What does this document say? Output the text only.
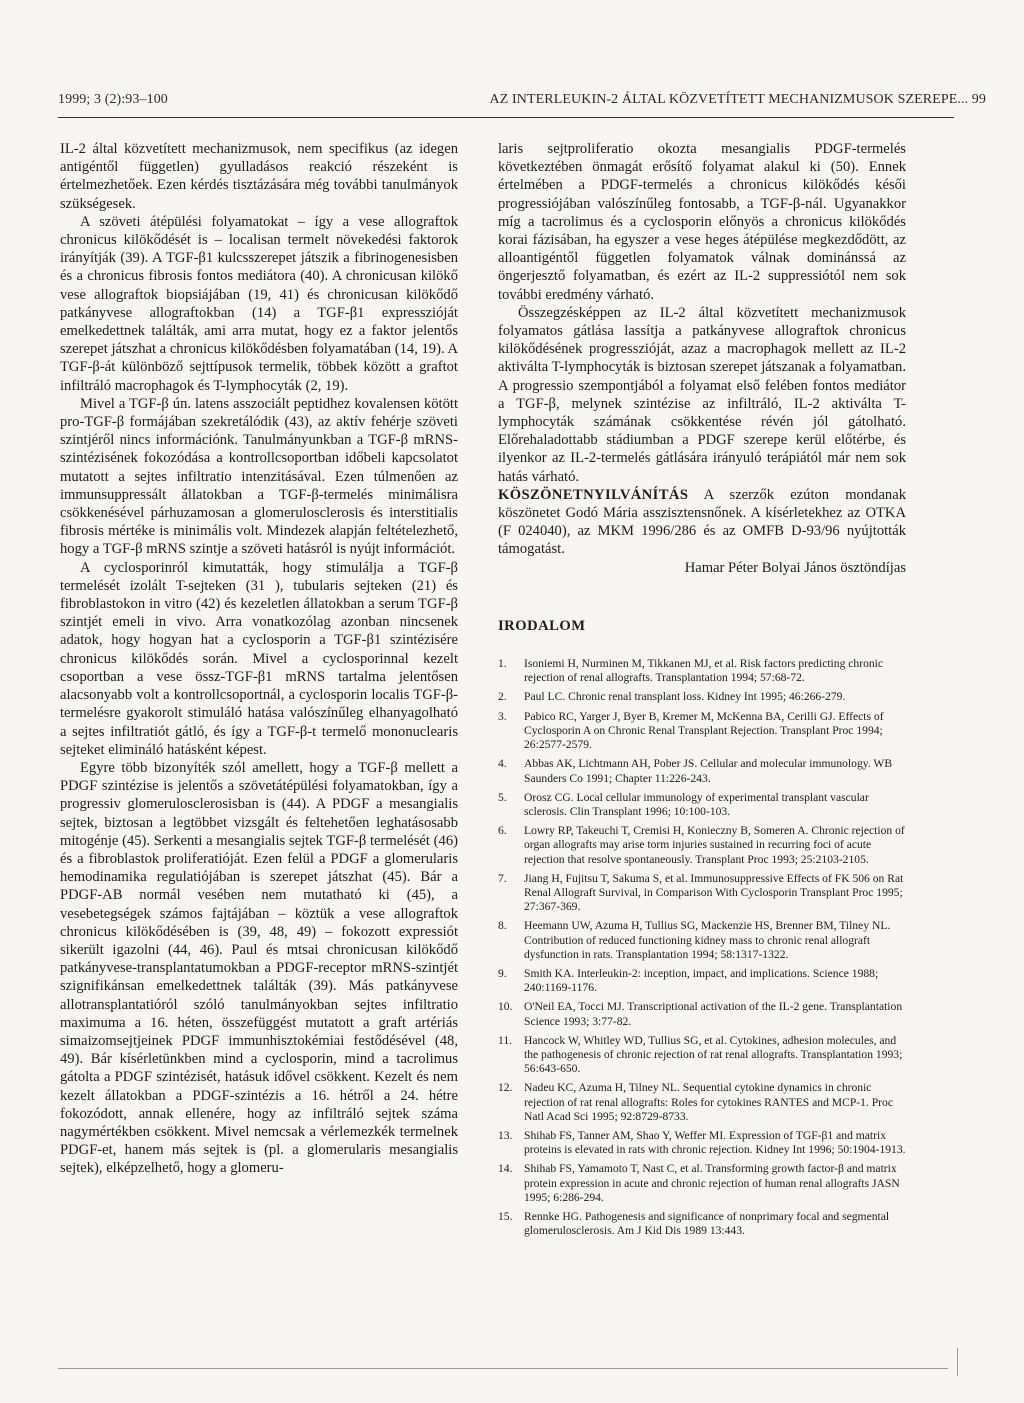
1999; 3 (2):93–100	AZ INTERLEUKIN-2 ÁLTAL KÖZVETÍTETT MECHANIZMUSOK SZEREPE... 99

IL-2 által közvetített mechanizmusok, nem specifikus (az idegen antigéntől független) gyulladásos reakció részeként is értelmezhetőek. Ezen kérdés tisztázására még további tanulmányok szükségesek.

A szöveti átépülési folyamatokat – így a vese allograftok chronicus kilökődését is – localisan termelt növekedési faktorok irányítják (39). A TGF-β1 kulcsszerepet játszik a fibrinogenesisben és a chronicus fibrosis fontos mediátora (40). A chronicusan kilökő vese allograftok biopsiájában (19, 41) és chronicusan kilökődő patkányvese allograftokban (14) a TGF-β1 expresszióját emelkedettnek találták, ami arra mutat, hogy ez a faktor jelentős szerepet játszhat a chronicus kilökődésben folyamatában (14, 19). A TGF-β-át különböző sejttípusok termelik, többek között a graftot infiltráló macrophagok és T-lymphocyták (2, 19).

Mivel a TGF-β ún. latens asszociált peptidhez kovalensen kötött pro-TGF-β formájában szekretálódik (43), az aktív fehérje szöveti szintjéről nincs információnk. Tanulmányunkban a TGF-β mRNS-szintézisének fokozódása a kontrollcsoportban időbeli kapcsolatot mutatott a sejtes infiltratio intenzitásával. Ezen túlmenően az immunsuppressált állatokban a TGF-β-termelés minimálisra csökkenésével párhuzamosan a glomerulosclerosis és interstitialis fibrosis mértéke is minimális volt. Mindezek alapján feltételezhető, hogy a TGF-β mRNS szintje a szöveti hatásról is nyújt információt.

A cyclosporinról kimutatták, hogy stimulálja a TGF-β termelését izolált T-sejteken (31 ), tubularis sejteken (21) és fibroblastokon in vitro (42) és kezeletlen állatokban a serum TGF-β szintjét emeli in vivo. Arra vonatkozólag azonban nincsenek adatok, hogy hogyan hat a cyclosporin a TGF-β1 szintézisére chronicus kilökődés során. Mivel a cyclosporinnal kezelt csoportban a vese össz-TGF-β1 mRNS tartalma jelentősen alacsonyabb volt a kontrollcsoportnál, a cyclosporin localis TGF-β-termelésre gyakorolt stimuláló hatása valószínűleg elhanyagolható a sejtes infiltratiót gátló, és így a TGF-β-t termelő mononuclearis sejteket elimináló hatásként képest.

Egyre több bizonyíték szól amellett, hogy a TGF-β mellett a PDGF szintézise is jelentős a szövetátépülési folyamatokban, így a progressiv glomerulosclerosisban is (44). A PDGF a mesangialis sejtek, biztosan a legtöbbet vizsgált és feltehetően leghatásosabb mitogénje (45). Serkenti a mesangialis sejtek TGF-β termelését (46) és a fibroblastok proliferatióját. Ezen felül a PDGF a glomerularis hemodinamika regulatiójában is szerepet játszhat (45). Bár a PDGF-AB normál vesében nem mutatható ki (45), a vesebetegségek számos fajtájában – köztük a vese allograftok chronicus kilökődésében is (39, 48, 49) – fokozott expressiót sikerült igazolni (44, 46). Paul és mtsai chronicusan kilökődő patkányvese-transplantatumokban a PDGF-receptor mRNS-szintjét szignifikánsan emelkedettnek találták (39). Más patkányvese allotransplantatióról szóló tanulmányokban sejtes infiltratio maximuma a 16. héten, összefüggést mutatott a graft artériás simaizomsejtjeinek PDGF immunhisztokémiai festődésével (48, 49). Bár kísérletünkben mind a cyclosporin, mind a tacrolimus gátolta a PDGF szintézisét, hatásuk idővel csökkent. Kezelt és nem kezelt állatokban a PDGF-szintézis a 16. hétről a 24. hétre fokozódott, annak ellenére, hogy az infiltráló sejtek száma nagymértékben csökkent. Mivel nemcsak a vérlemezkék termelnek PDGF-et, hanem más sejtek is (pl. a glomerularis mesangialis sejtek), elképzelhető, hogy a glomeru-

laris sejtproliferatio okozta mesangialis PDGF-termelés következtében önmagát erősítő folyamat alakul ki (50). Ennek értelmében a PDGF-termelés a chronicus kilökődés késői progressiójában valószínűleg fontosabb, a TGF-β-nál. Ugyanakkor míg a tacrolimus és a cyclosporin előnyös a chronicus kilökődés korai fázisában, ha egyszer a vese heges átépülése megkezdődött, az alloantigéntől független folyamatok válnak dominánssá az öngerjesztő folyamatban, és ezért az IL-2 suppressiótól nem sok további eredmény várható.

Összegzésképpen az IL-2 által közvetített mechanizmusok folyamatos gátlása lassítja a patkányvese allograftok chronicus kilökődésének progresszióját, azaz a macrophagok mellett az IL-2 aktiválta T-lymphocyták is biztosan szerepet játszanak a folyamatban. A progressio szempontjából a folyamat első felében fontos mediátor a TGF-β, melynek szintézise az infiltráló, IL-2 aktiválta T-lymphocyták számának csökkentése révén jól gátolható. Előrehaladottabb stádiumban a PDGF szerepe kerül előtérbe, és ilyenkor az IL-2-termelés gátlására irányuló terápiától már nem sok hatás várható.

KÖSZÖNETNYILVÁNÍTÁS A szerzők ezúton mondanak köszönetet Godó Mária asszisztensnőnek. A kísérletekhez az OTKA (F 024040), az MKM 1996/286 és az OMFB D-93/96 nyújtották támogatást.

Hamar Péter Bolyai János ösztöndíjas

IRODALOM
1. Isoniemi H, Nurminen M, Tikkanen MJ, et al. Risk factors predicting chronic rejection of renal allografts. Transplantation 1994; 57:68-72.
2. Paul LC. Chronic renal transplant loss. Kidney Int 1995; 46:266-279.
3. Pabico RC, Yarger J, Byer B, Kremer M, McKenna BA, Cerilli GJ. Effects of Cyclosporin A on Chronic Renal Transplant Rejection. Transplant Proc 1994; 26:2577-2579.
4. Abbas AK, Lichtmann AH, Pober JS. Cellular and molecular immunology. WB Saunders Co 1991; Chapter 11:226-243.
5. Orosz CG. Local cellular immunology of experimental transplant vascular sclerosis. Clin Transplant 1996; 10:100-103.
6. Lowry RP, Takeuchi T, Cremisi H, Konieczny B, Someren A. Chronic rejection of organ allografts may arise torm injuries sustained in recurring foci of acute rejection that resolve spontaneously. Transplant Proc 1993; 25:2103-2105.
7. Jiang H, Fujitsu T, Sakuma S, et al. Immunosuppressive Effects of FK 506 on Rat Renal Allograft Survival, in Comparison With Cyclosporin Transplant Proc 1995; 27:367-369.
8. Heemann UW, Azuma H, Tullius SG, Mackenzie HS, Brenner BM, Tilney NL. Contribution of reduced functioning kidney mass to chronic renal allograft dysfunction in rats. Transplantation 1994; 58:1317-1322.
9. Smith KA. Interleukin-2: inception, impact, and implications. Science 1988; 240:1169-1176.
10. O'Neil EA, Tocci MJ. Transcriptional activation of the IL-2 gene. Transplantation Science 1993; 3:77-82.
11. Hancock W, Whitley WD, Tullius SG, et al. Cytokines, adhesion molecules, and the pathogenesis of chronic rejection of rat renal allografts. Transplantation 1993; 56:643-650.
12. Nadeu KC, Azuma H, Tilney NL. Sequential cytokine dynamics in chronic rejection of rat renal allografts: Roles for cytokines RANTES and MCP-1. Proc Natl Acad Sci 1995; 92:8729-8733.
13. Shihab FS, Tanner AM, Shao Y, Weffer MI. Expression of TGF-β1 and matrix proteins is elevated in rats with chronic rejection. Kidney Int 1996; 50:1904-1913.
14. Shihab FS, Yamamoto T, Nast C, et al. Transforming growth factor-β and matrix protein expression in acute and chronic rejection of human renal allografts JASN 1995; 6:286-294.
15. Rennke HG. Pathogenesis and significance of nonprimary focal and segmental glomerulosclerosis. Am J Kid Dis 1989 13:443.
